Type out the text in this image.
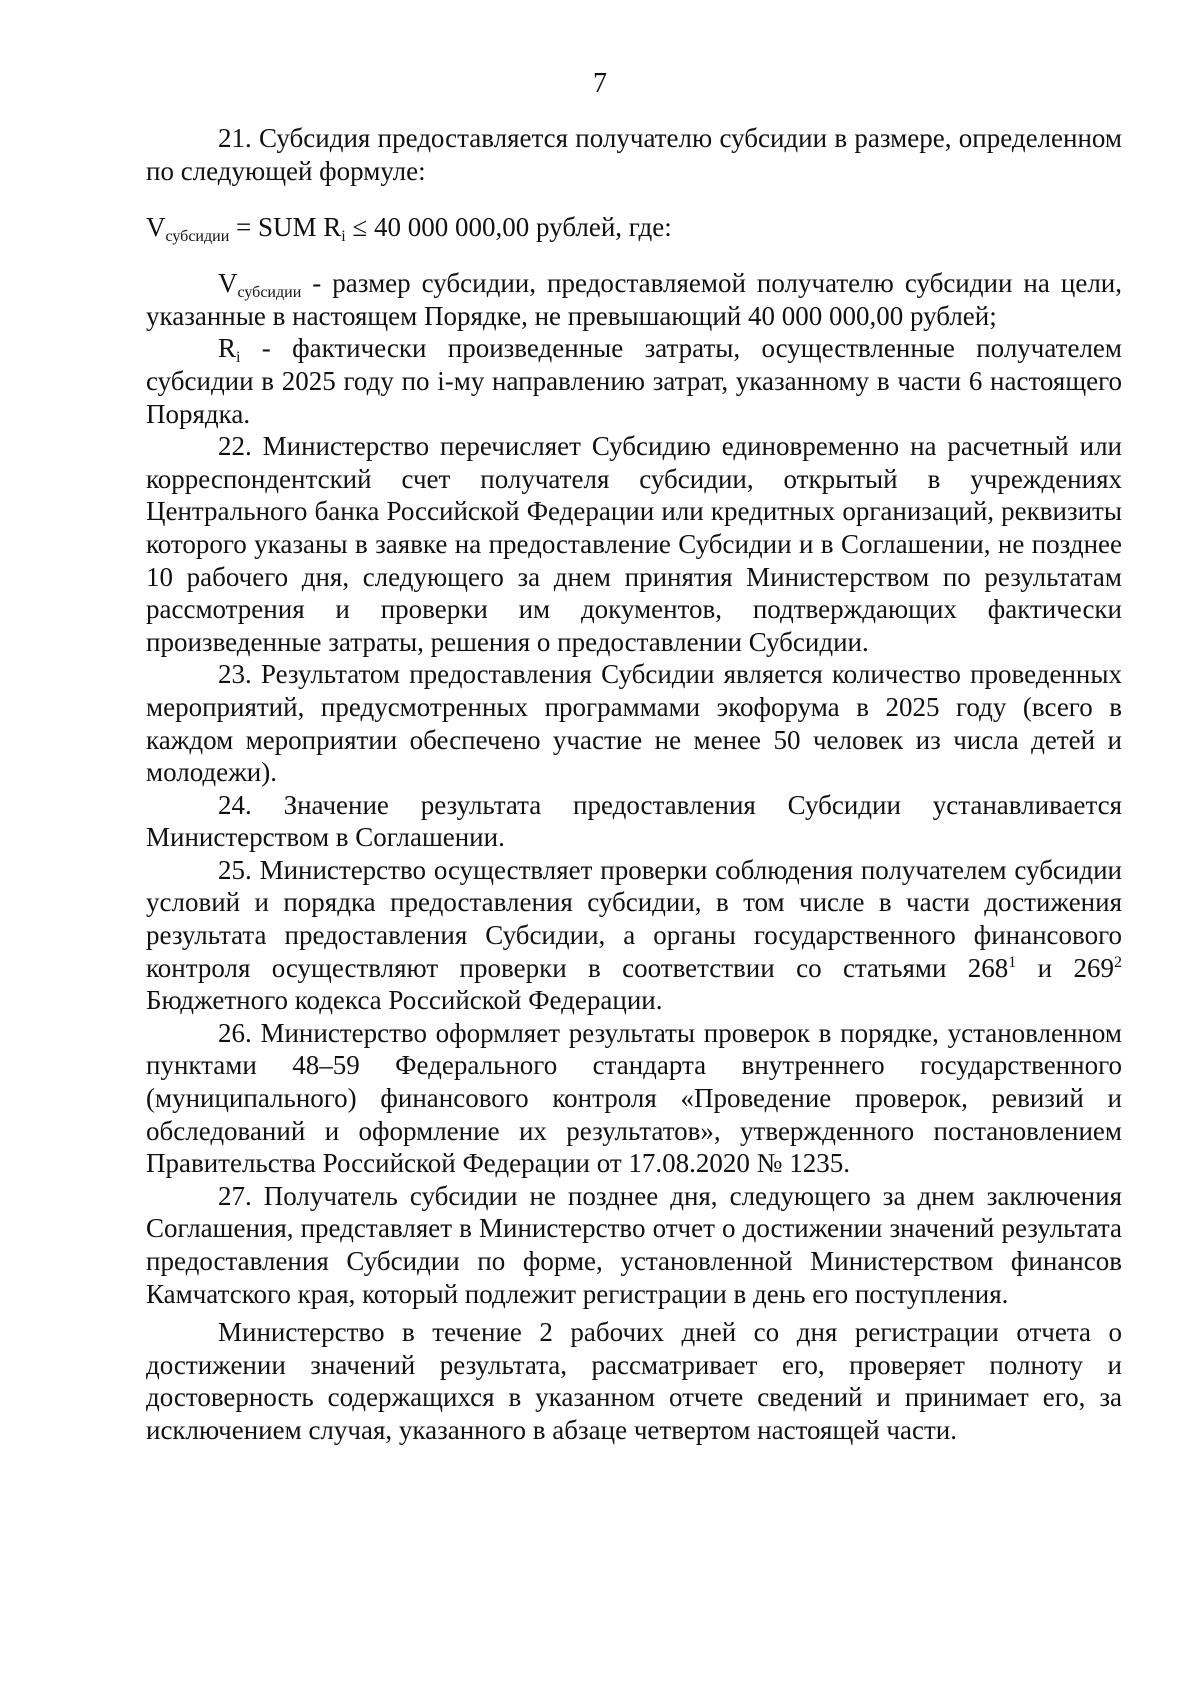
7

21. Субсидия предоставляется получателю субсидии в размере, определенном по следующей формуле:

$V_{субсидии}$ = SUM $R_i \le 40$ 000 000,00 рублей, где:

$V_{субсидии}$ - размер субсидии, предоставляемой получателю субсидии на цели, указанные в настоящем Порядке, не превышающий 40 000 000,00 рублей;

$R_i$ - фактически произведенные затраты, осуществленные получателем субсидии в 2025 году по i-му направлению затрат, указанному в части 6 настоящего Порядка.

22. Министерство перечисляет Субсидию единовременно на расчетный или корреспондентский счет получателя субсидии, открытый в учреждениях Центрального банка Российской Федерации или кредитных организаций, реквизиты которого указаны в заявке на предоставление Субсидии и в Соглашении, не позднее 10 рабочего дня, следующего за днем принятия Министерством по результатам рассмотрения и проверки им документов, подтверждающих фактически произведенные затраты, решения о предоставлении Субсидии.

23. Результатом предоставления Субсидии является количество проведенных мероприятий, предусмотренных программами экофорума в 2025 году (всего в каждом мероприятии обеспечено участие не менее 50 человек из числа детей и молодежи).

24. Значение результата предоставления Субсидии устанавливается Министерством в Соглашении.

25. Министерство осуществляет проверки соблюдения получателем субсидии условий и порядка предоставления субсидии, в том числе в части достижения результата предоставления Субсидии, а органы государственного финансового контроля осуществляют проверки в соответствии со статьями $268^1$ и $269^2$ Бюджетного кодекса Российской Федерации.

26. Министерство оформляет результаты проверок в порядке, установленном пунктами 48–59 Федерального стандарта внутреннего государственного (муниципального) финансового контроля «Проведение проверок, ревизий и обследований и оформление их результатов», утвержденного постановлением Правительства Российской Федерации от 17.08.2020 № 1235.

27. Получатель субсидии не позднее дня, следующего за днем заключения Соглашения, представляет в Министерство отчет о достижении значений результата предоставления Субсидии по форме, установленной Министерством финансов Камчатского края, который подлежит регистрации в день его поступления.

Министерство в течение 2 рабочих дней со дня регистрации отчета о достижении значений результата, рассматривает его, проверяет полноту и достоверность содержащихся в указанном отчете сведений и принимает его, за исключением случая, указанного в абзаце четвертом настоящей части.
